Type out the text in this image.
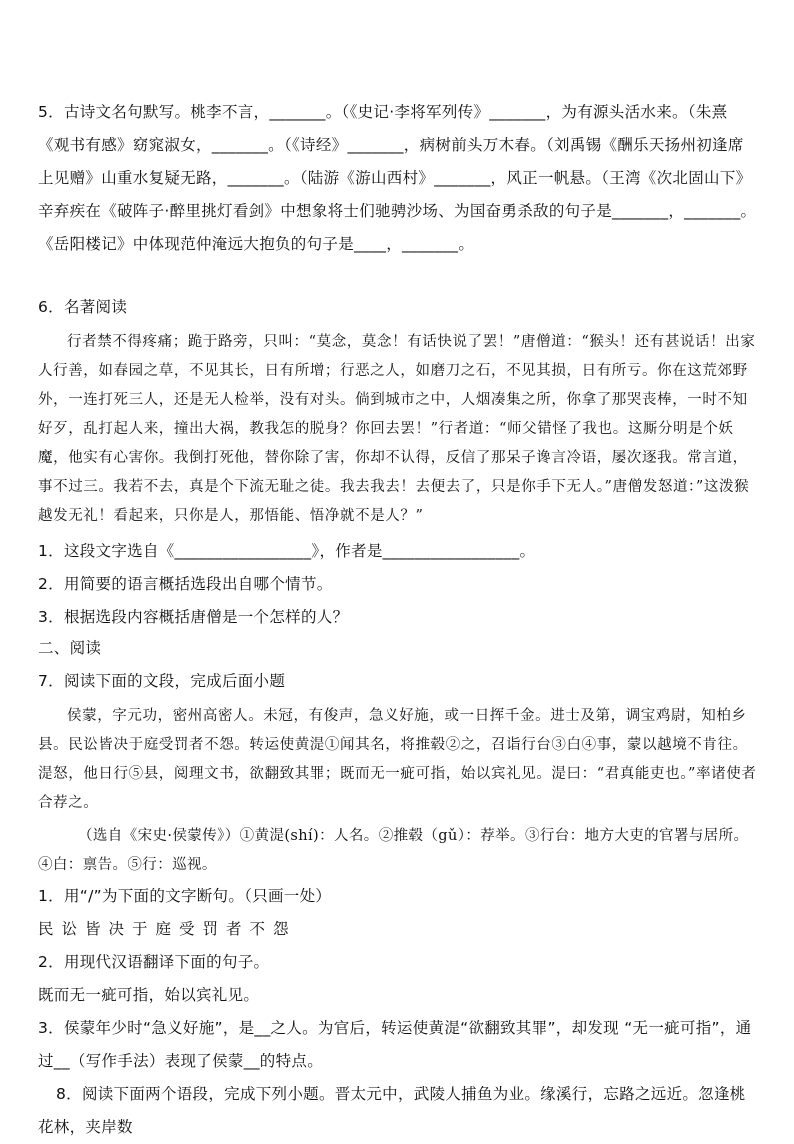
5．古诗文名句默写。桃李不言，_______。（《史记·李将军列传》_______，为有源头活水来。（朱熹《观书有感》窈窕淑女，_______。（《诗经》_______，病树前头万木春。（刘禹锡《酬乐天扬州初逢席上见赠》山重水复疑无路，_______。（陆游《游山西村》_______，风正一帆悬。（王湾《次北固山下》辛弃疾在《破阵子·醉里挑灯看剑》中想象将士们驰骋沙场、为国奋勇杀敌的句子是_______，_______。《岳阳楼记》中体现范仲淹远大抱负的句子是____，_______。

6．名著阅读

行者禁不得疼痛；跪于路旁，只叫：“莫念，莫念！有话快说了罢！”唐僧道：“猴头！还有甚说话！出家人行善，如春园之草，不见其长，日有所增；行恶之人，如磨刀之石，不见其损，日有所亏。你在这荒郊野外，一连打死三人，还是无人检举，没有对头。倘到城市之中，人烟凑集之所，你拿了那哭丧棒，一时不知好歹，乱打起人来，撞出大祸，教我怎的脱身？你回去罢！”行者道：“师父错怪了我也。这厮分明是个妖魔，他实有心害你。我倒打死他，替你除了害，你却不认得，反信了那呆子谗言冷语，屡次逐我。常言道，事不过三。我若不去，真是个下流无耻之徒。我去我去！去便去了，只是你手下无人。”唐僧发怒道：”这泼猴越发无礼！看起来，只你是人，那悟能、悟净就不是人？”

1．这段文字选自《_________________》，作者是_________________。

2．用简要的语言概括选段出自哪个情节。

3．根据选段内容概括唐僧是一个怎样的人？

二、阅读

7．阅读下面的文段，完成后面小题

侯蒙，字元功，密州高密人。未冠，有俊声，急义好施，或一日挥千金。进士及第，调宝鸡尉，知柏乡县。民讼皆决于庭受罚者不怨。转运使黄湜①闻其名，将推毂②之，召诣行台③白④事，蒙以越境不肯往。湜怒，他日行⑤县，阅理文书，欲翻致其罪；既而无一疵可指，始以宾礼见。湜曰：“君真能吏也。”率诸使者合荐之。

（选自《宋史·侯蒙传》）①黄湜(shí)：人名。②推毂（gǔ）：荐举。③行台：地方大吏的官署与居所。④白：禀告。⑤行：巡视。

1．用“/”为下面的文字断句。（只画一处）

民讼皆决于庭受罚者不怨

2．用现代汉语翻译下面的句子。

既而无一疵可指，始以宾礼见。

3．侯蒙年少时“急义好施”，是__之人。为官后，转运使黄湜“欲翻致其罪”，却发现 “无一疵可指”，通过__（写作手法）表现了侯蒙__的特点。

8．阅读下面两个语段，完成下列小题。晋太元中，武陵人捕鱼为业。缘溪行，忘路之远近。忽逢桃花林，夹岸数
